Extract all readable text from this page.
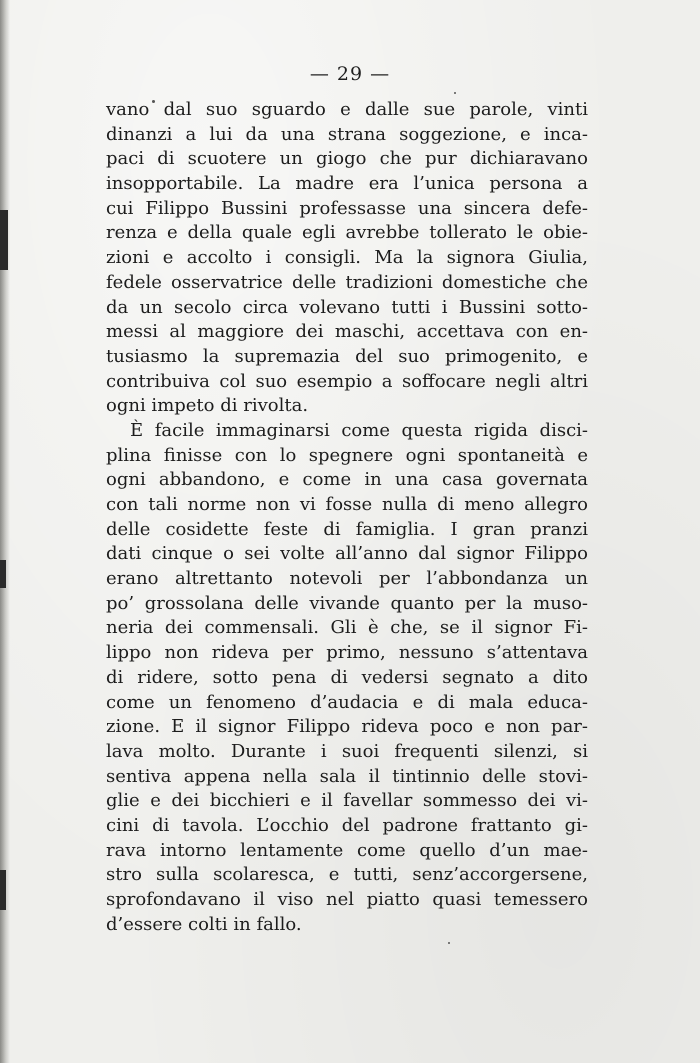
— 29 —
vano dal suo sguardo e dalle sue parole, vinti
dinanzi a lui da una strana soggezione, e inca-
paci di scuotere un giogo che pur dichiaravano
insopportabile. La madre era l’unica persona a
cui Filippo Bussini professasse una sincera defe-
renza e della quale egli avrebbe tollerato le obie-
zioni e accolto i consigli. Ma la signora Giulia,
fedele osservatrice delle tradizioni domestiche che
da un secolo circa volevano tutti i Bussini sotto-
messi al maggiore dei maschi, accettava con en-
tusiasmo la supremazia del suo primogenito, e
contribuiva col suo esempio a soffocare negli altri
ogni impeto di rivolta.
È facile immaginarsi come questa rigida disci-
plina finisse con lo spegnere ogni spontaneità e
ogni abbandono, e come in una casa governata
con tali norme non vi fosse nulla di meno allegro
delle cosidette feste di famiglia. I gran pranzi
dati cinque o sei volte all’anno dal signor Filippo
erano altrettanto notevoli per l’abbondanza un
po’ grossolana delle vivande quanto per la muso-
neria dei commensali. Gli è che, se il signor Fi-
lippo non rideva per primo, nessuno s’attentava
di ridere, sotto pena di vedersi segnato a dito
come un fenomeno d’audacia e di mala educa-
zione. E il signor Filippo rideva poco e non par-
lava molto. Durante i suoi frequenti silenzi, si
sentiva appena nella sala il tintinnio delle stovi-
glie e dei bicchieri e il favellar sommesso dei vi-
cini di tavola. L’occhio del padrone frattanto gi-
rava intorno lentamente come quello d’un mae-
stro sulla scolaresca, e tutti, senz’accorgersene,
sprofondavano il viso nel piatto quasi temessero
d’essere colti in fallo.
